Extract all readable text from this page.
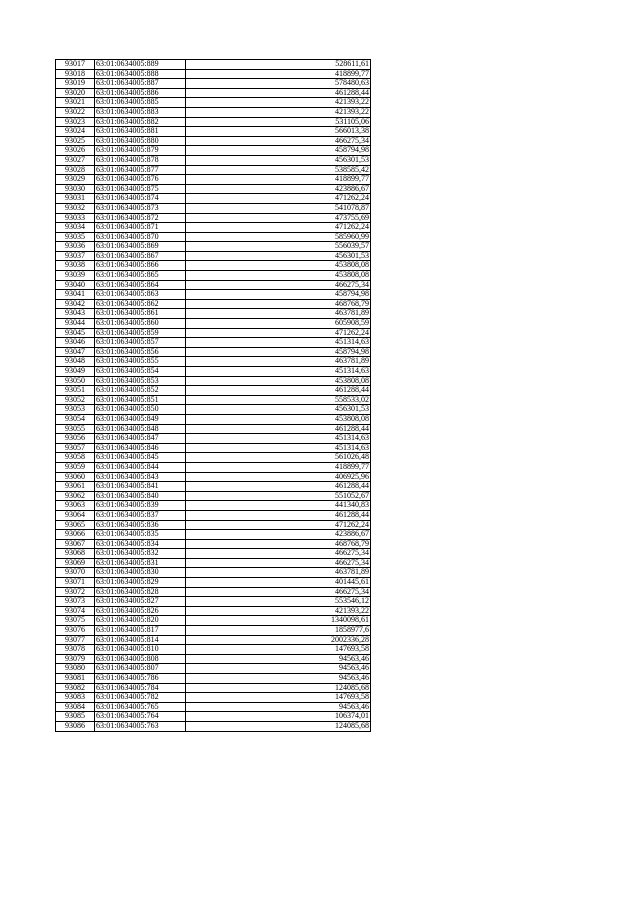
93017	63:01:0634005:889	528611,61
93018	63:01:0634005:888	418899,77
93019	63:01:0634005:887	578480,63
93020	63:01:0634005:886	461288,44
93021	63:01:0634005:885	421393,22
93022	63:01:0634005:883	421393,22
93023	63:01:0634005:882	531105,06
93024	63:01:0634005:881	566013,38
93025	63:01:0634005:880	466275,34
93026	63:01:0634005:879	458794,98
93027	63:01:0634005:878	456301,53
93028	63:01:0634005:877	538585,42
93029	63:01:0634005:876	418899,77
93030	63:01:0634005:875	423886,67
93031	63:01:0634005:874	471262,24
93032	63:01:0634005:873	541078,87
93033	63:01:0634005:872	473755,69
93034	63:01:0634005:871	471262,24
93035	63:01:0634005:870	585960,99
93036	63:01:0634005:869	556039,57
93037	63:01:0634005:867	456301,53
93038	63:01:0634005:866	453808,08
93039	63:01:0634005:865	453808,08
93040	63:01:0634005:864	466275,34
93041	63:01:0634005:863	458794,98
93042	63:01:0634005:862	468768,79
93043	63:01:0634005:861	463781,89
93044	63:01:0634005:860	605908,59
93045	63:01:0634005:859	471262,24
93046	63:01:0634005:857	451314,63
93047	63:01:0634005:856	458794,98
93048	63:01:0634005:855	463781,89
93049	63:01:0634005:854	451314,63
93050	63:01:0634005:853	453808,08
93051	63:01:0634005:852	461288,44
93052	63:01:0634005:851	558533,02
93053	63:01:0634005:850	456301,53
93054	63:01:0634005:849	453808,08
93055	63:01:0634005:848	461288,44
93056	63:01:0634005:847	451314,63
93057	63:01:0634005:846	451314,63
93058	63:01:0634005:845	561026,48
93059	63:01:0634005:844	418899,77
93060	63:01:0634005:843	406925,96
93061	63:01:0634005:841	461288,44
93062	63:01:0634005:840	551052,67
93063	63:01:0634005:839	441340,83
93064	63:01:0634005:837	461288,44
93065	63:01:0634005:836	471262,24
93066	63:01:0634005:835	423886,67
93067	63:01:0634005:834	468768,79
93068	63:01:0634005:832	466275,34
93069	63:01:0634005:831	466275,34
93070	63:01:0634005:830	463781,89
93071	63:01:0634005:829	401445,61
93072	63:01:0634005:828	466275,34
93073	63:01:0634005:827	553546,12
93074	63:01:0634005:826	421393,22
93075	63:01:0634005:820	1340098,61
93076	63:01:0634005:817	1858977,6
93077	63:01:0634005:814	2002336,28
93078	63:01:0634005:810	147693,58
93079	63:01:0634005:808	94563,46
93080	63:01:0634005:807	94563,46
93081	63:01:0634005:786	94563,46
93082	63:01:0634005:784	124085,68
93083	63:01:0634005:782	147693,58
93084	63:01:0634005:765	94563,46
93085	63:01:0634005:764	106374,01
93086	63:01:0634005:763	124085,68
